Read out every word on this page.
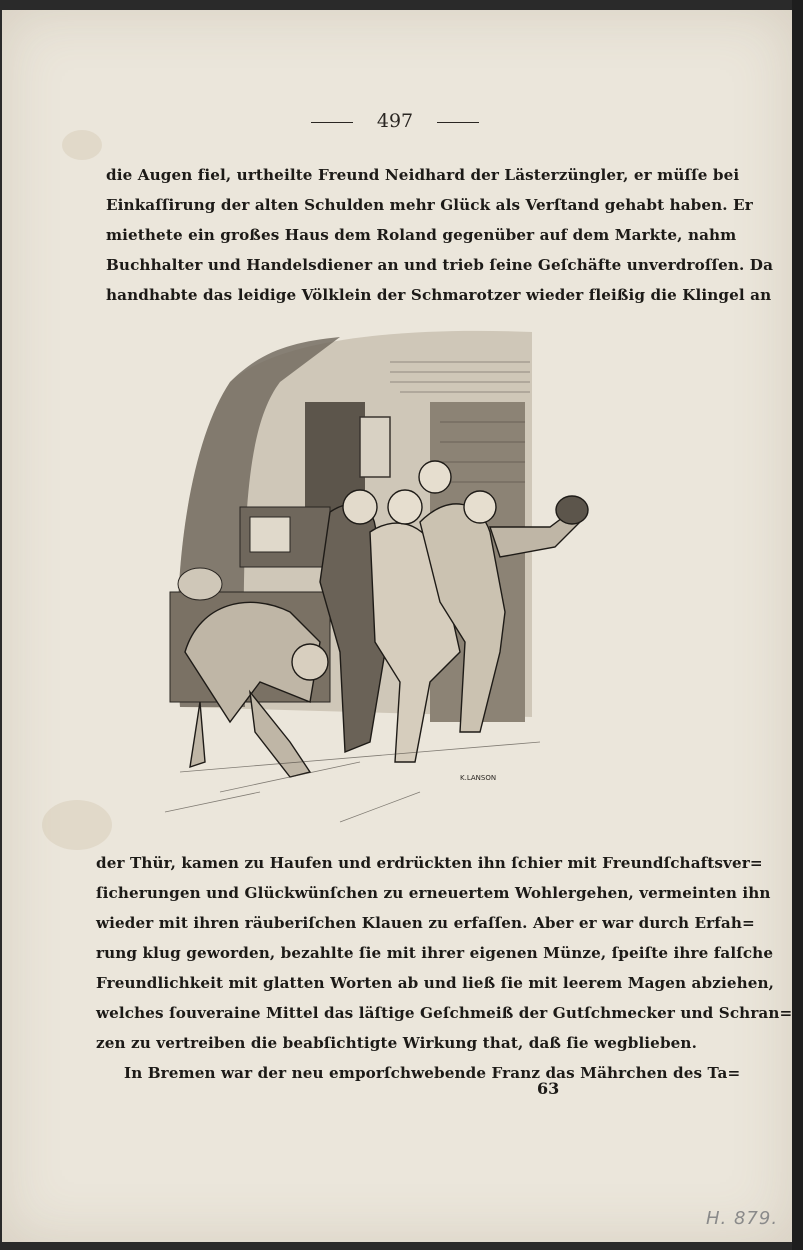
497
die Augen fiel, urtheilte Freund Neidhard der Lästerzüngler, er müſſe bei
Einkaſſirung der alten Schulden mehr Glück als Verſtand gehabt haben. Er
miethete ein großes Haus dem Roland gegenüber auf dem Markte, nahm
Buchhalter und Handelsdiener an und trieb ſeine Geſchäfte unverdroſſen. Da
handhabte das leidige Völklein der Schmarotzer wieder fleißig die Klingel an
K.LANSON
der Thür, kamen zu Haufen und erdrückten ihn ſchier mit Freundſchaftsver=
ſicherungen und Glückwünſchen zu erneuertem Wohlergehen, vermeinten ihn
wieder mit ihren räuberiſchen Klauen zu erfaſſen. Aber er war durch Erfah=
rung klug geworden, bezahlte ſie mit ihrer eigenen Münze, ſpeiſte ihre falſche
Freundlichkeit mit glatten Worten ab und ließ ſie mit leerem Magen abziehen,
welches ſouveraine Mittel das läſtige Geſchmeiß der Gutſchmecker und Schran=
zen zu vertreiben die beabſichtigte Wirkung that, daß ſie wegblieben.
In Bremen war der neu emporſchwebende Franz das Mährchen des Ta=
63
H. 879.
